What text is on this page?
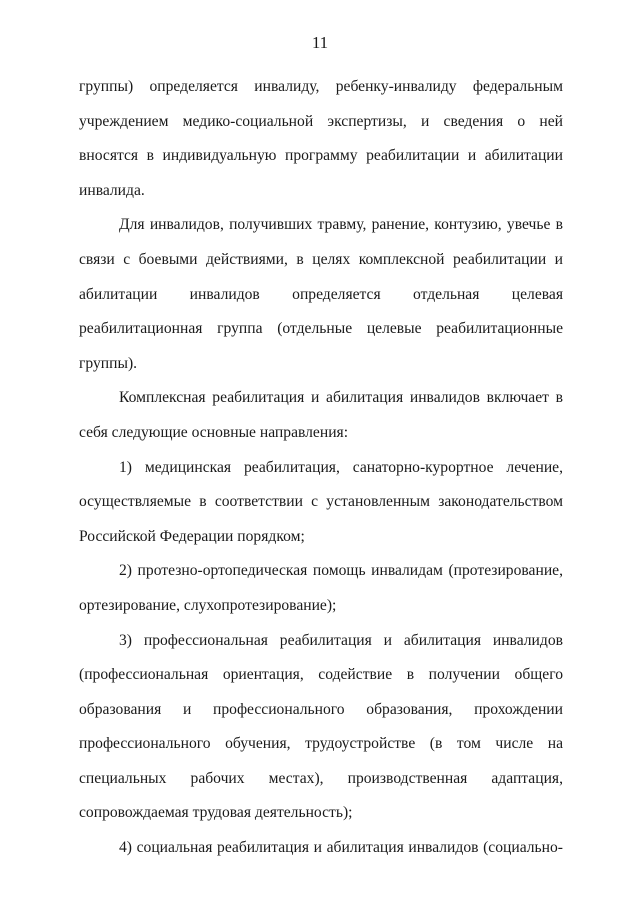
11

группы) определяется инвалиду, ребенку-инвалиду федеральным учреждением медико-социальной экспертизы, и сведения о ней вносятся в индивидуальную программу реабилитации и абилитации инвалида.

Для инвалидов, получивших травму, ранение, контузию, увечье в связи с боевыми действиями, в целях комплексной реабилитации и абилитации инвалидов определяется отдельная целевая реабилитационная группа (отдельные целевые реабилитационные группы).

Комплексная реабилитация и абилитация инвалидов включает в себя следующие основные направления:

1) медицинская реабилитация, санаторно-курортное лечение, осуществляемые в соответствии с установленным законодательством Российской Федерации порядком;

2) протезно-ортопедическая помощь инвалидам (протезирование, ортезирование, слухопротезирование);

3) профессиональная реабилитация и абилитация инвалидов (профессиональная ориентация, содействие в получении общего образования и профессионального образования, прохождении профессионального обучения, трудоустройстве (в том числе на специальных рабочих местах), производственная адаптация, сопровождаемая трудовая деятельность);

4) социальная реабилитация и абилитация инвалидов (социально-
